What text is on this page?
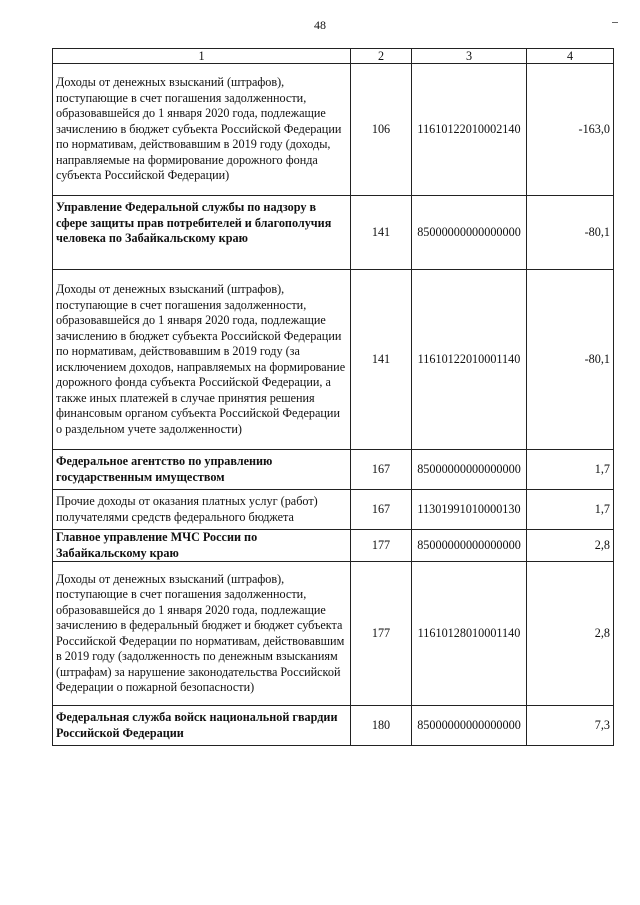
48
1	2	3	4
Доходы от денежных взысканий (штрафов), поступающие в счет погашения задолженности, образовавшейся до 1 января 2020 года, подлежащие зачислению в бюджет субъекта Российской Федерации по нормативам, действовавшим в 2019 году (доходы, направляемые на формирование дорожного фонда субъекта Российской Федерации)	106	11610122010002140	-163,0
Управление Федеральной службы по надзору в сфере защиты прав потребителей и благополучия человека по Забайкальскому краю	141	85000000000000000	-80,1
Доходы от денежных взысканий (штрафов), поступающие в счет погашения задолженности, образовавшейся до 1 января 2020 года, подлежащие зачислению в бюджет субъекта Российской Федерации по нормативам, действовавшим в 2019 году (за исключением доходов, направляемых на формирование дорожного фонда субъекта Российской Федерации, а также иных платежей в случае принятия решения финансовым органом субъекта Российской Федерации о раздельном учете задолженности)	141	11610122010001140	-80,1
Федеральное агентство по управлению государственным имуществом	167	85000000000000000	1,7
Прочие доходы от оказания платных услуг (работ) получателями средств федерального бюджета	167	11301991010000130	1,7
Главное управление МЧС России по Забайкальскому краю	177	85000000000000000	2,8
Доходы от денежных взысканий (штрафов), поступающие в счет погашения задолженности, образовавшейся до 1 января 2020 года, подлежащие зачислению в федеральный бюджет и бюджет субъекта Российской Федерации по нормативам, действовавшим в 2019 году (задолженность по денежным взысканиям (штрафам) за нарушение законодательства Российской Федерации о пожарной безопасности)	177	11610128010001140	2,8
Федеральная служба войск национальной гвардии Российской Федерации	180	85000000000000000	7,3
